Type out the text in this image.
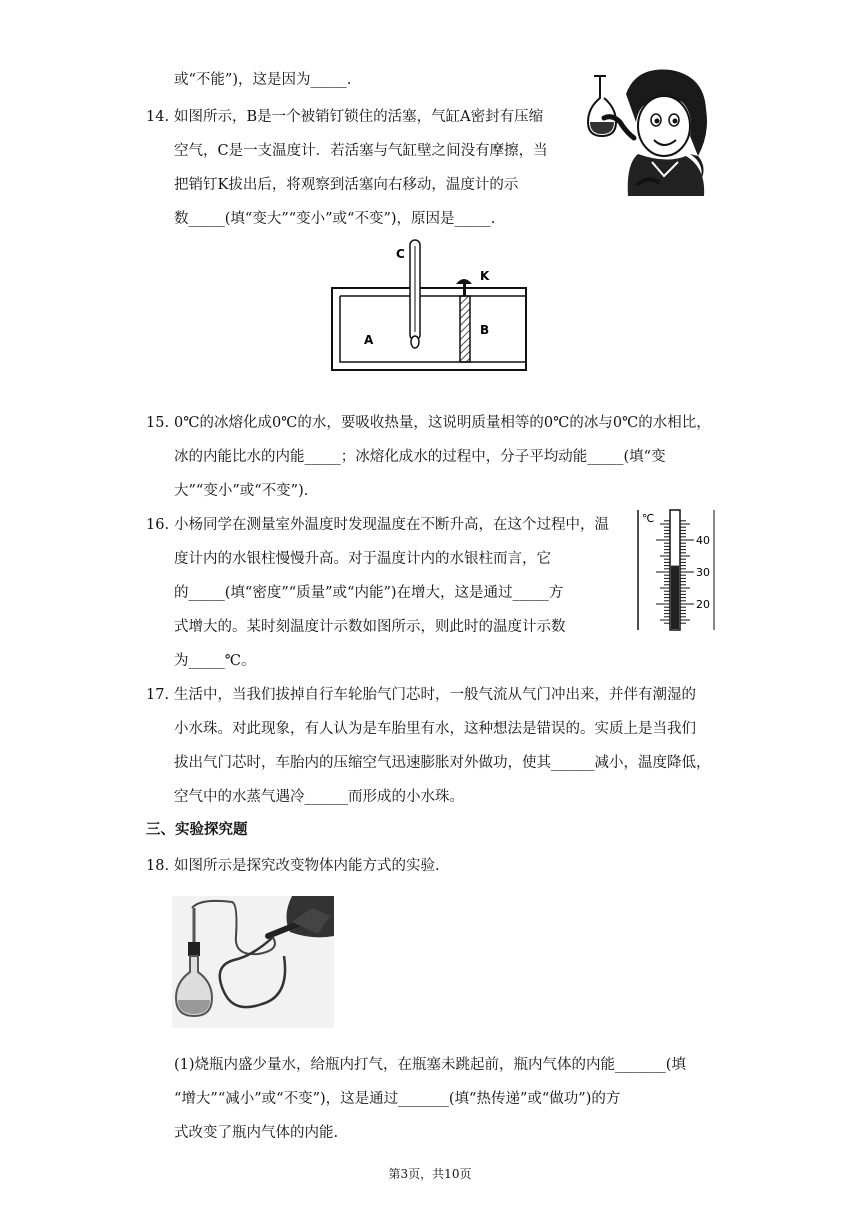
或“不能”)，这是因为_____.
14. 如图所示，B是一个被销钉锁住的活塞，气缸A密封有压缩
空气，C是一支温度计．若活塞与气缸壁之间没有摩擦，当
把销钉K拔出后，将观察到活塞向右移动，温度计的示
数_____(填“变大”“变小”或“不变”)，原因是_____.
C
K
A
B
15. 0℃的冰熔化成0℃的水，要吸收热量，这说明质量相等的0℃的冰与0℃的水相比，
冰的内能比水的内能_____；冰熔化成水的过程中，分子平均动能_____(填“变
大”“变小”或“不变”).
16. 小杨同学在测量室外温度时发现温度在不断升高，在这个过程中，温
度计内的水银柱慢慢升高。对于温度计内的水银柱而言，它
的_____(填“密度”“质量”或“内能”)在增大，这是通过_____方
式增大的。某时刻温度计示数如图所示，则此时的温度计示数
为_____℃。
℃
40
30
20
17. 生活中，当我们拔掉自行车轮胎气门芯时，一般气流从气门冲出来，并伴有潮湿的
小水珠。对此现象，有人认为是车胎里有水，这种想法是错误的。实质上是当我们
拔出气门芯时，车胎内的压缩空气迅速膨胀对外做功，使其______减小，温度降低，
空气中的水蒸气遇冷______而形成的小水珠。
三、实验探究题
18. 如图所示是探究改变物体内能方式的实验.
(1)烧瓶内盛少量水，给瓶内打气，在瓶塞未跳起前，瓶内气体的内能_______(填
“增大”“减小”或“不变”)，这是通过_______(填“热传递”或“做功”)的方
式改变了瓶内气体的内能.
第3页，共10页
